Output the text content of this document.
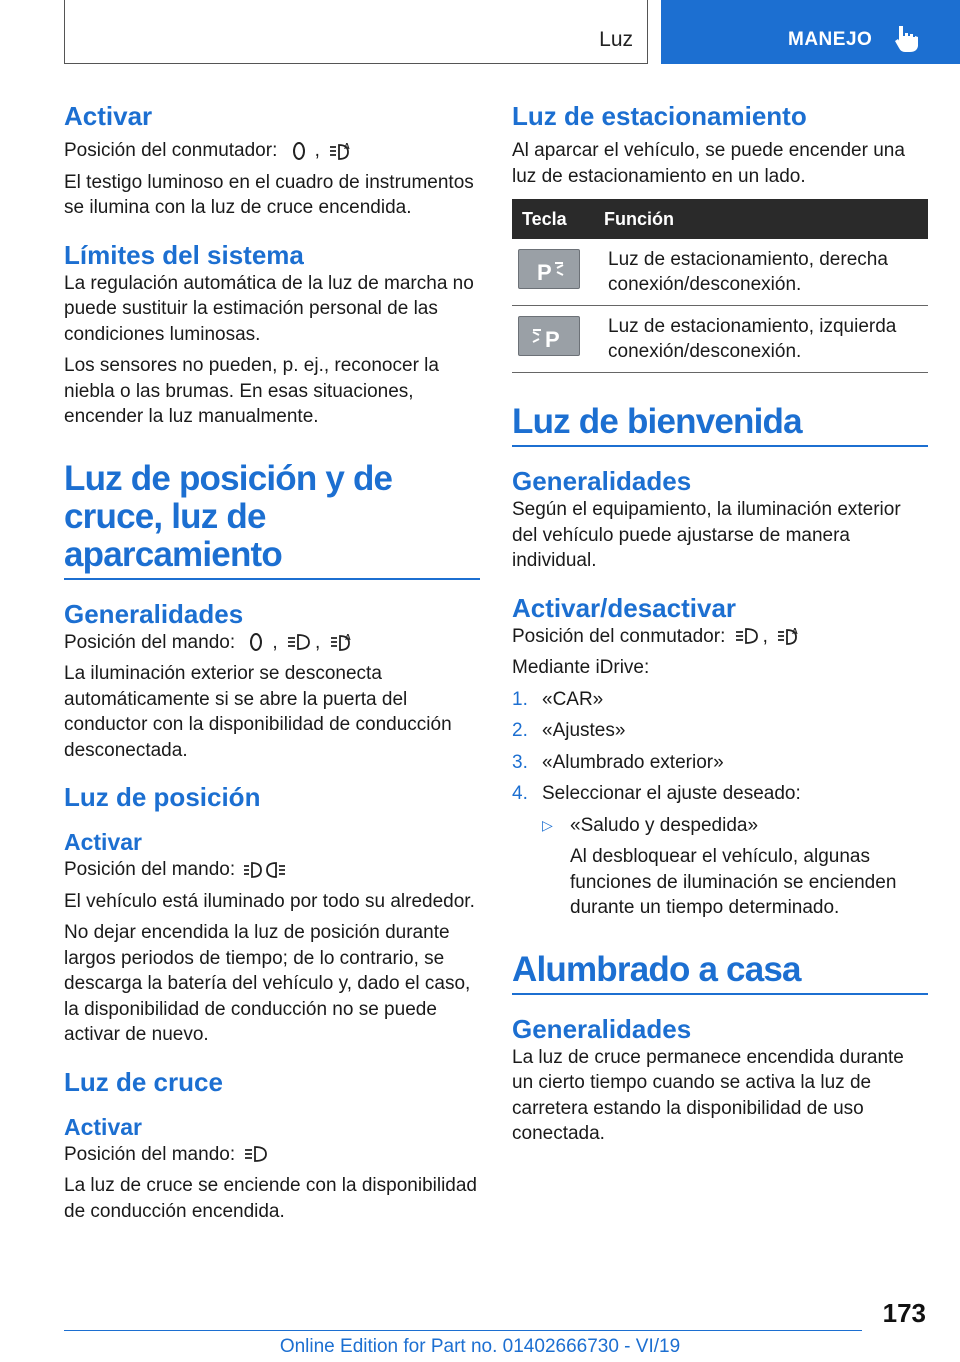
Luz	MANEJO
Activar
Posición del conmutador: ,	A
El testigo luminoso en el cuadro de instrumentos se ilumina con la luz de cruce encendida.
Límites del sistema
La regulación automática de la luz de marcha no puede sustituir la estimación personal de las condiciones luminosas.
Los sensores no pueden, p. ej., reconocer la niebla o las brumas. En esas situaciones, encender la luz manualmente.
Luz de posición y de cruce, luz de aparcamiento
Generalidades
Posición del mando: , ,	A
La iluminación exterior se desconecta automáticamente si se abre la puerta del conductor con la disponibilidad de conducción desconectada.
Luz de posición
Activar
Posición del mando:
El vehículo está iluminado por todo su alrededor.
No dejar encendida la luz de posición durante largos periodos de tiempo; de lo contrario, se descarga la batería del vehículo y, dado el caso, la disponibilidad de conducción no se puede activar de nuevo.
Luz de cruce
Activar
Posición del mando:
La luz de cruce se enciende con la disponibilidad de conducción encendida.
Luz de estacionamiento
Al aparcar el vehículo, se puede encender una luz de estacionamiento en un lado.
Tecla	Función

P	Luz de estacionamiento, derecha conexión/desconexión.

P	Luz de estacionamiento, izquierda conexión/desconexión.
Luz de bienvenida
Generalidades
Según el equipamiento, la iluminación exterior del vehículo puede ajustarse de manera individual.
Activar/desactivar
Posición del conmutador: ,	A
Mediante iDrive:
1. «CAR»
2. «Ajustes»
3. «Alumbrado exterior»
4. Seleccionar el ajuste deseado:
▷ «Saludo y despedida»
Al desbloquear el vehículo, algunas funciones de iluminación se encienden durante un tiempo determinado.
Alumbrado a casa
Generalidades
La luz de cruce permanece encendida durante un cierto tiempo cuando se activa la luz de carretera estando la disponibilidad de uso conectada.
173
Online Edition for Part no. 01402666730 - VI/19
